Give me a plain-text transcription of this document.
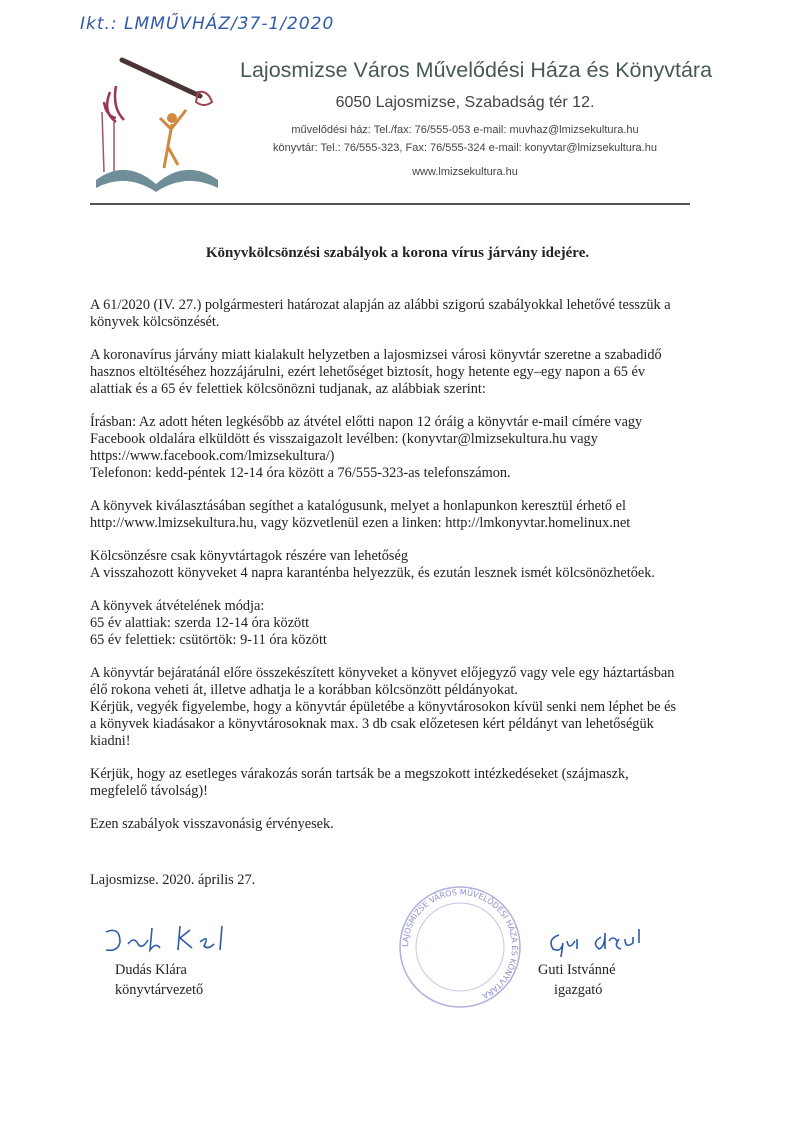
Ikt.: LMMŰVHÁZ/37-1/2020
Lajosmizse Város Művelődési Háza és Könyvtára
6050 Lajosmizse, Szabadság tér 12.
művelődési ház: Tel./fax: 76/555-053 e-mail: muvhaz@lmizsekultura.hu
könyvtár: Tel.: 76/555-323, Fax: 76/555-324 e-mail: konyvtar@lmizsekultura.hu
www.lmizsekultura.hu
Könyvkölcsönzési szabályok a korona vírus járvány idejére.

A 61/2020 (IV. 27.) polgármesteri határozat alapján az alábbi szigorú szabályokkal lehetővé tesszük a
könyvek kölcsönzését.

A koronavírus járvány miatt kialakult helyzetben a lajosmizsei városi könyvtár szeretne a szabadidő
hasznos eltöltéséhez hozzájárulni, ezért lehetőséget biztosít, hogy hetente egy–egy napon a 65 év
alattiak és a 65 év felettiek kölcsönözni tudjanak, az alábbiak szerint:

Írásban: Az adott héten legkésőbb az átvétel előtti napon 12 óráig a könyvtár e-mail címére vagy
Facebook oldalára elküldött és visszaigazolt levélben: (konyvtar@lmizsekultura.hu vagy
https://www.facebook.com/lmizsekultura/)
Telefonon: kedd-péntek 12-14 óra között a 76/555-323-as telefonszámon.

A könyvek kiválasztásában segíthet a katalógusunk, melyet a honlapunkon keresztül érhető el
http://www.lmizsekultura.hu, vagy közvetlenül ezen a linken: http://lmkonyvtar.homelinux.net

Kölcsönzésre csak könyvtártagok részére van lehetőség
A visszahozott könyveket 4 napra karanténba helyezzük, és ezután lesznek ismét kölcsönözhetőek.

A könyvek átvételének módja:
65 év alattiak: szerda 12-14 óra között
65 év felettiek: csütörtök: 9-11 óra között

A könyvtár bejáratánál előre összekészített könyveket a könyvet előjegyző vagy vele egy háztartásban
élő rokona veheti át, illetve adhatja le a korábban kölcsönzött példányokat.
Kérjük, vegyék figyelembe, hogy a könyvtár épületébe a könyvtárosokon kívül senki nem léphet be és
a könyvek kiadásakor a könyvtárosoknak max. 3 db csak előzetesen kért példányt van lehetőségük
kiadni!

Kérjük, hogy az esetleges várakozás során tartsák be a megszokott intézkedéseket (szájmaszk,
megfelelő távolság)!

Ezen szabályok visszavonásig érvényesek.

Lajosmizse. 2020. április 27.
Dudás Klára
könyvtárvezető
LAJOSMIZSE VÁROS MŰVELŐDÉSI HÁZA ÉS KÖNYVTÁRA
Guti Istvánné
igazgató
